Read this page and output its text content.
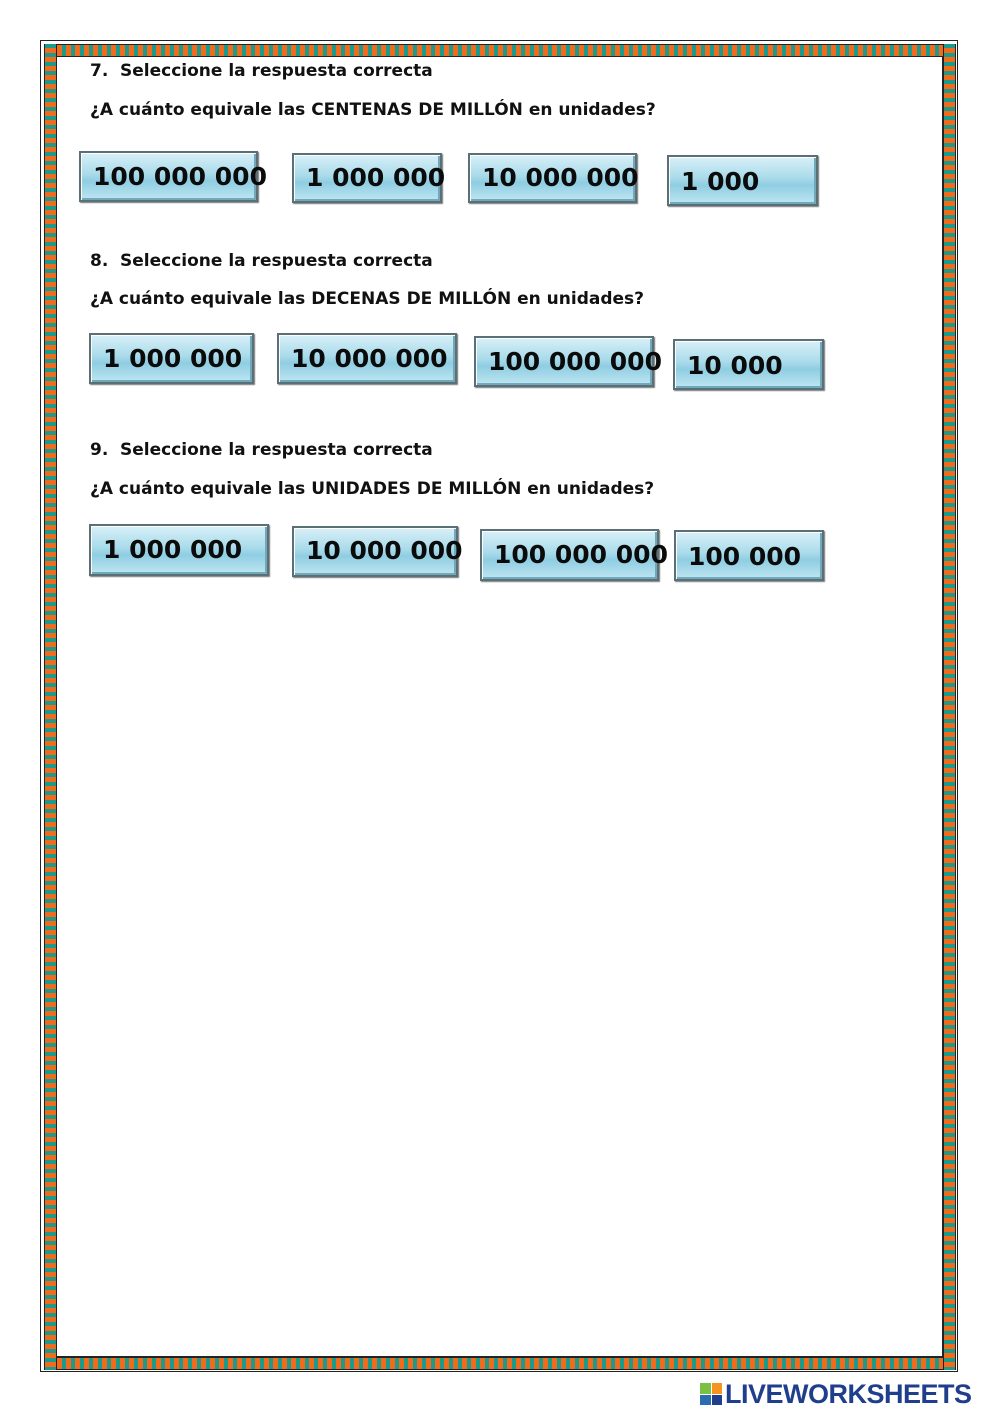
7. Seleccione la respuesta correcta
¿A cuánto equivale las CENTENAS DE MILLÓN en unidades?
100 000 000	1 000 000	10 000 000	1 000
8. Seleccione la respuesta correcta
¿A cuánto equivale las DECENAS DE MILLÓN en unidades?
1 000 000	10 000 000	100 000 000	10 000
9. Seleccione la respuesta correcta
¿A cuánto equivale las UNIDADES DE MILLÓN en unidades?
1 000 000	10 000 000	100 000 000 100 000
LIVEWORKSHEETS
